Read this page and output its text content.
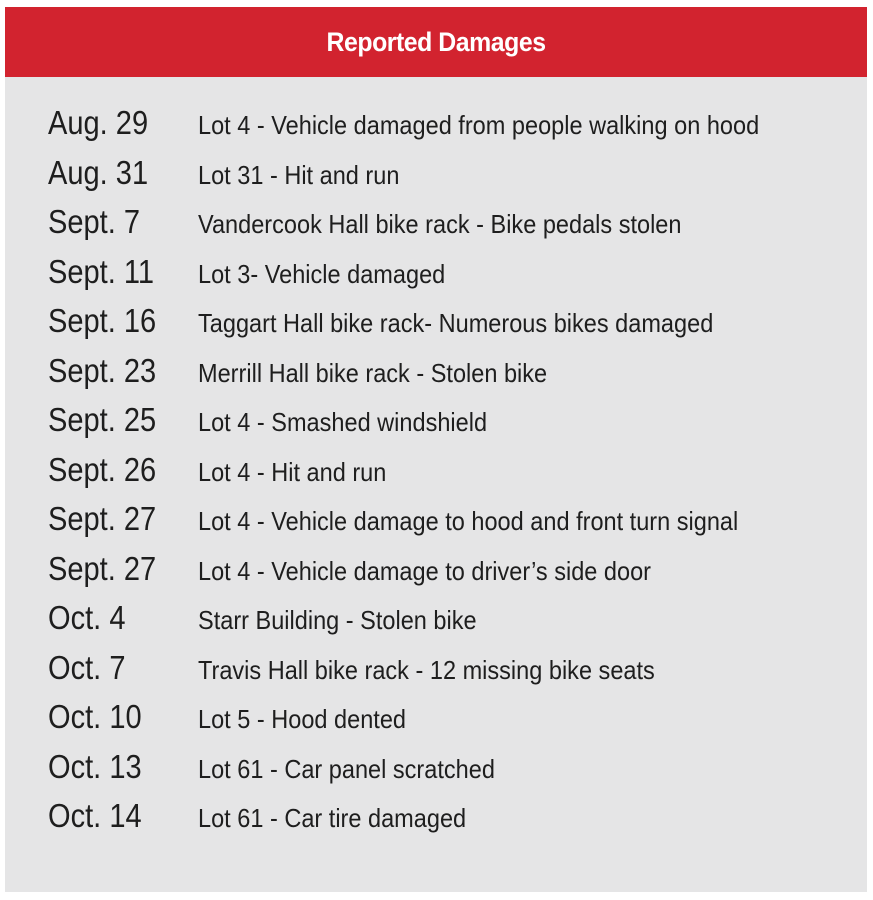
Reported Damages
Aug. 29 Lot 4 - Vehicle damaged from people walking on hood
Aug. 31 Lot 31 - Hit and run
Sept. 7 Vandercook Hall bike rack - Bike pedals stolen
Sept. 11 Lot 3- Vehicle damaged
Sept. 16 Taggart Hall bike rack- Numerous bikes damaged
Sept. 23 Merrill Hall bike rack - Stolen bike
Sept. 25 Lot 4 - Smashed windshield
Sept. 26 Lot 4 - Hit and run
Sept. 27 Lot 4 - Vehicle damage to hood and front turn signal
Sept. 27 Lot 4 - Vehicle damage to driver’s side door
Oct. 4	Starr Building - Stolen bike
Oct. 7	Travis Hall bike rack - 12 missing bike seats
Oct. 10 Lot 5 - Hood dented
Oct. 13 Lot 61 - Car panel scratched
Oct. 14 Lot 61 - Car tire damaged
